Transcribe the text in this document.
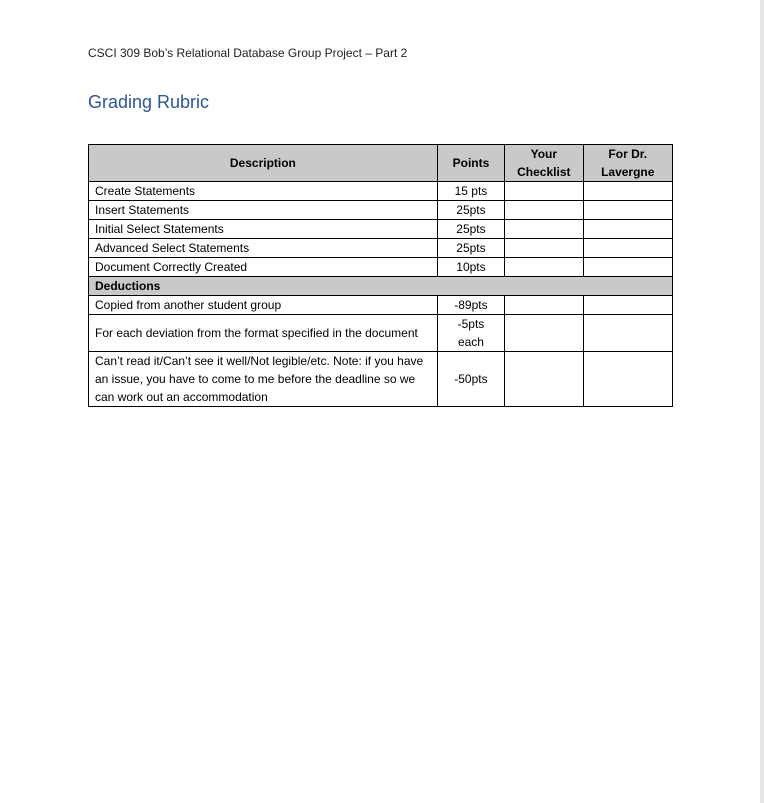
CSCI 309 Bob’s Relational Database Group Project – Part 2
Grading Rubric
Description	Points	Your Checklist	For Dr. Lavergne
Create Statements	15 pts		
Insert Statements	25pts		
Initial Select Statements	25pts		
Advanced Select Statements	25pts		
Document Correctly Created	10pts		
Deductions			
Copied from another student group	-89pts		
For each deviation from the format specified in the document	-5pts each		
Can’t read it/Can’t see it well/Not legible/etc. Note: if you have an issue, you have to come to me before the deadline so we can work out an accommodation	-50pts		
